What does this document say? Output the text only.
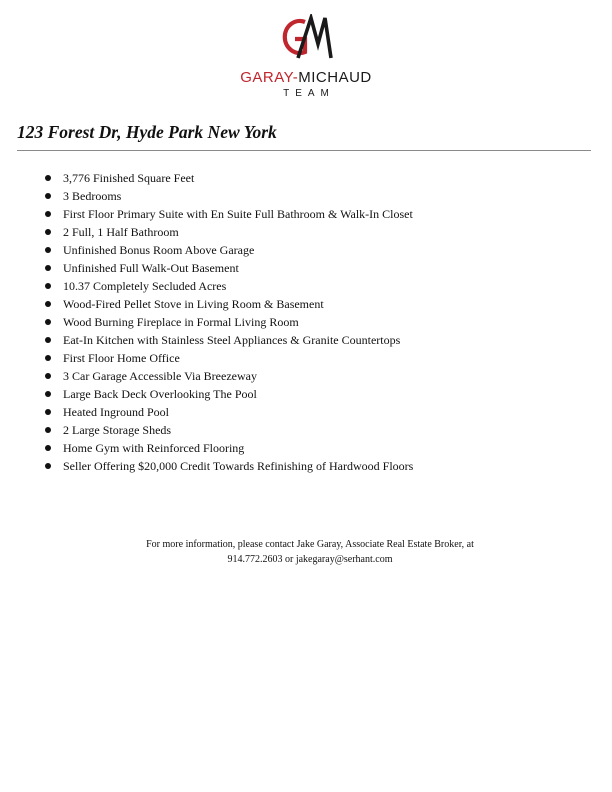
GARAY-MICHAUD
TEAM
123 Forest Dr, Hyde Park New York
3,776 Finished Square Feet
3 Bedrooms
First Floor Primary Suite with En Suite Full Bathroom & Walk-In Closet
2 Full, 1 Half Bathroom
Unfinished Bonus Room Above Garage
Unfinished Full Walk-Out Basement
10.37 Completely Secluded Acres
Wood-Fired Pellet Stove in Living Room & Basement
Wood Burning Fireplace in Formal Living Room
Eat-In Kitchen with Stainless Steel Appliances & Granite Countertops
First Floor Home Office
3 Car Garage Accessible Via Breezeway
Large Back Deck Overlooking The Pool
Heated Inground Pool
2 Large Storage Sheds
Home Gym with Reinforced Flooring
Seller Offering $20,000 Credit Towards Refinishing of Hardwood Floors
For more information, please contact Jake Garay, Associate Real Estate Broker, at
914.772.2603 or jakegaray@serhant.com
